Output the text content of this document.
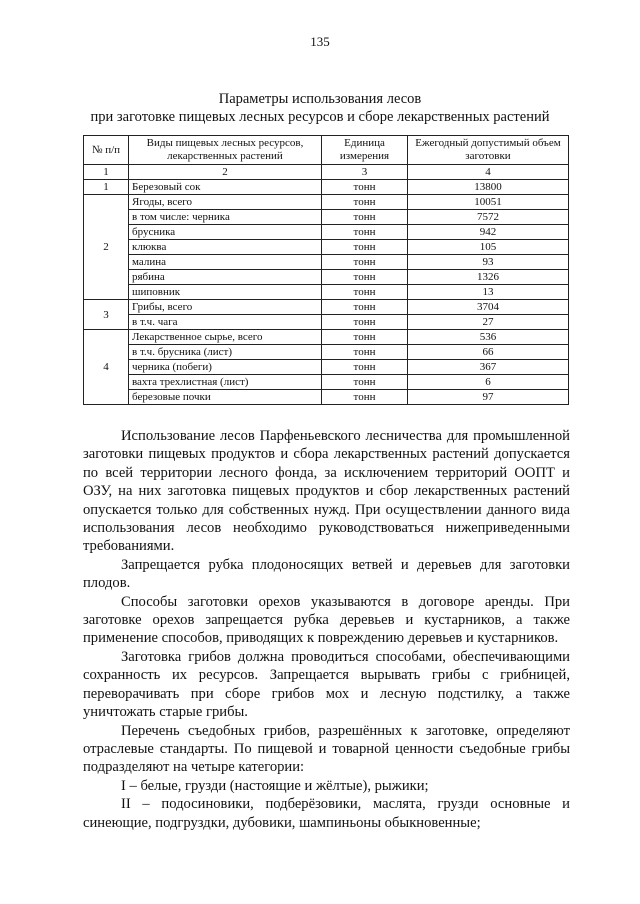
135
Параметры использования лесов
при заготовке пищевых лесных ресурсов и сборе лекарственных растений
№ п/п	Виды пищевых лесных ресурсов, лекарственных растений	Единица измерения	Ежегодный допустимый объем заготовки
1	2	3	4
1	Березовый сок	тонн	13800
2	Ягоды, всего	тонн	10051
	в том числе: черника	тонн	7572
	брусника	тонн	942
	клюква	тонн	105
	малина	тонн	93
	рябина	тонн	1326
	шиповник	тонн	13
3	Грибы, всего	тонн	3704
	в т.ч. чага	тонн	27
4	Лекарственное сырье, всего	тонн	536
	в т.ч. брусника (лист)	тонн	66
	черника (побеги)	тонн	367
	вахта трехлистная (лист)	тонн	6
	березовые почки	тонн	97

Использование лесов Парфеньевского лесничества для промышленной заготовки пищевых продуктов и сбора лекарственных растений допускается по всей территории лесного фонда, за исключением территорий ООПТ и ОЗУ, на них заготовка пищевых продуктов и сбор лекарственных растений опускается только для собственных нужд. При осуществлении данного вида использования лесов необходимо руководствоваться нижеприведенными требованиями.

Запрещается рубка плодоносящих ветвей и деревьев для заготовки плодов.

Способы заготовки орехов указываются в договоре аренды. При заготовке орехов запрещается рубка деревьев и кустарников, а также применение способов, приводящих к повреждению деревьев и кустарников.

Заготовка грибов должна проводиться способами, обеспечивающими сохранность их ресурсов. Запрещается вырывать грибы с грибницей, переворачивать при сборе грибов мох и лесную подстилку, а также уничтожать старые грибы.

Перечень съедобных грибов, разрешённых к заготовке, определяют отраслевые стандарты. По пищевой и товарной ценности съедобные грибы подразделяют на четыре категории:

I – белые, грузди (настоящие и жёлтые), рыжики;

II – подосиновики, подберёзовики, маслята, грузди основные и синеющие, подгруздки, дубовики, шампиньоны обыкновенные;
